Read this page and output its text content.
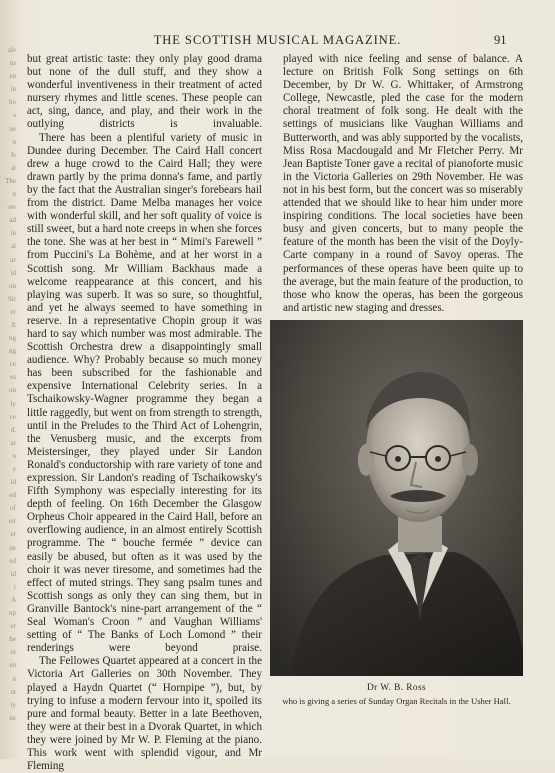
ale
ns
en
in
ho
a
ne
n
Is
at
The
n
ow
ad
in
al
ur
id
on
Sir
er
It
ng
ng
ce
es
on
ly
ve
d,
ar
n
e
id
ed
of
eir
er
ne
ed
id
t
A
up
er
he
ot
en
n
ut
ly
ne
THE SCOTTISH MUSICAL MAGAZINE.	91

but great artistic taste: they only play good drama but none of the dull stuff, and they show a wonderful inventiveness in their treatment of acted nursery rhymes and little scenes. These people can act, sing, dance, and play, and their work in the outlying districts is invaluable.

There has been a plentiful variety of music in Dundee during December. The Caird Hall concert drew a huge crowd to the Caird Hall; they were drawn partly by the prima donna's fame, and partly by the fact that the Australian singer's forebears hail from the district. Dame Melba manages her voice with wonderful skill, and her soft quality of voice is still sweet, but a hard note creeps in when she forces the tone. She was at her best in “ Mimi's Farewell ” from Puccini's La Bohème, and at her worst in a Scottish song. Mr William Backhaus made a welcome reappearance at this concert, and his playing was superb. It was so sure, so thoughtful, and yet he always seemed to have something in reserve. In a representative Chopin group it was hard to say which number was most admirable. The Scottish Orchestra drew a disappointingly small audience. Why? Probably because so much money has been subscribed for the fashionable and expensive International Celebrity series. In a Tschaikowsky-Wagner programme they began a little raggedly, but went on from strength to strength, until in the Preludes to the Third Act of Lohengrin, the Venusberg music, and the excerpts from Meistersinger, they played under Sir Landon Ronald's conductorship with rare variety of tone and expression. Sir Landon's reading of Tschaikowsky's Fifth Symphony was especially interesting for its depth of feeling. On 16th December the Glasgow Orpheus Choir appeared in the Caird Hall, before an overflowing audience, in an almost entirely Scottish programme. The “ bouche fermée ” device can easily be abused, but often as it was used by the choir it was never tiresome, and sometimes had the effect of muted strings. They sang psalm tunes and Scottish songs as only they can sing them, but in Granville Bantock's nine-part arrangement of the “ Seal Woman's Croon ” and Vaughan Williams' setting of “ The Banks of Loch Lomond ” their renderings were beyond praise.

The Fellowes Quartet appeared at a concert in the Victoria Art Galleries on 30th November. They played a Haydn Quartet (“ Hornpipe ”), but, by trying to infuse a modern fervour into it, spoiled its pure and formal beauty. Better in a late Beethoven, they were at their best in a Dvorak Quartet, in which they were joined by Mr W. P. Fleming at the piano. This work went with splendid vigour, and Mr Fleming

played with nice feeling and sense of balance. A lecture on British Folk Song settings on 6th December, by Dr W. G. Whittaker, of Armstrong College, Newcastle, pled the case for the modern choral treatment of folk song. He dealt with the settings of musicians like Vaughan Williams and Butterworth, and was ably supported by the vocalists, Miss Rosa Macdougald and Mr Fletcher Perry. Mr Jean Baptiste Toner gave a recital of pianoforte music in the Victoria Galleries on 29th November. He was not in his best form, but the concert was so miserably attended that we should like to hear him under more inspiring conditions. The local societies have been busy and given concerts, but to many people the feature of the month has been the visit of the Doyly-Carte company in a round of Savoy operas. The performances of these operas have been quite up to the average, but the main feature of the production, to those who know the operas, has been the gorgeous and artistic new staging and dresses.

Dr W. B. Ross
who is giving a series of Sunday Organ Recitals in the Usher Hall.
